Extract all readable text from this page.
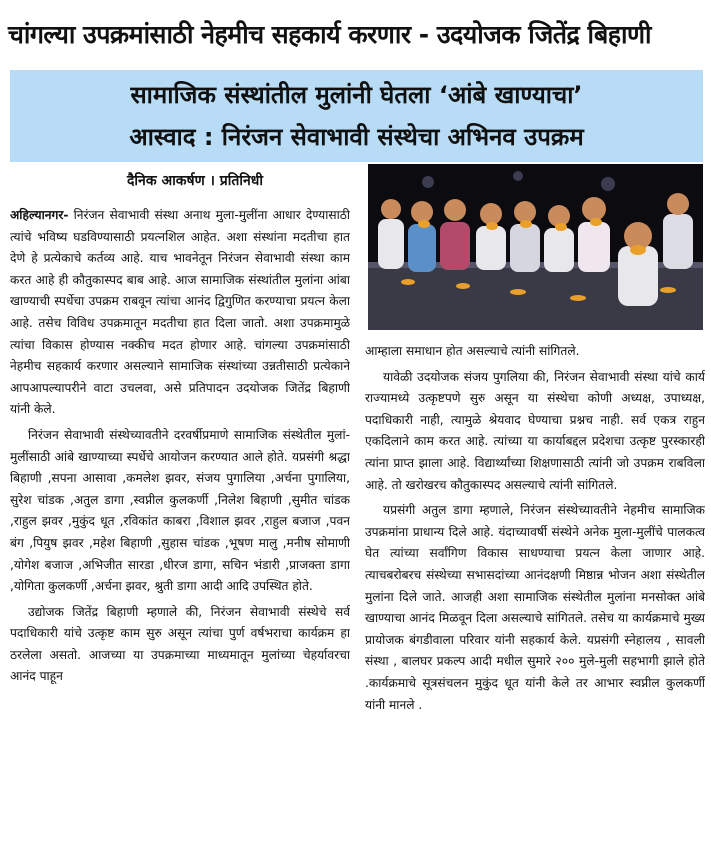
चांगल्या उपक्रमांसाठी नेहमीच सहकार्य करणार - उदयोजक जितेंद्र बिहाणी
सामाजिक संस्थांतील मुलांनी घेतला ‘आंबे खाण्याचा’
आस्वाद : निरंजन सेवाभावी संस्थेचा अभिनव उपक्रम
दैनिक आकर्षण । प्रतिनिधी

अहिल्यानगर- निरंजन सेवाभावी संस्था अनाथ मुला-मुलींना आधार देण्यासाठी त्यांचे भविष्य घडविण्यासाठी प्रयत्नशिल आहेत. अशा संस्थांना मदतीचा हात देणे हे प्रत्येकाचे कर्तव्य आहे. याच भावनेतून निरंजन सेवाभावी संस्था काम करत आहे ही कौतुकास्पद बाब आहे. आज सामाजिक संस्थांतील मुलांना आंबा खाण्याची स्पर्धेचा उपक्रम राबवून त्यांचा आनंद द्विगुणित करण्याचा प्रयत्न केला आहे. तसेच विविध उपक्रमातून मदतीचा हात दिला जातो. अशा उपक्रमामुळे त्यांचा विकास होण्यास नक्कीच मदत होणार आहे. चांगल्या उपक्रमांसाठी नेहमीच सहकार्य करणार असल्याने सामाजिक संस्थांच्या उन्नतीसाठी प्रत्येकाने आपआपल्यापरीने वाटा उचलवा, असे प्रतिपादन उदयोजक जितेंद्र बिहाणी यांनी केले.

निरंजन सेवाभावी संस्थेच्यावतीने दरवर्षीप्रमाणे सामाजिक संस्थेतील मुलां-मुलींसाठी आंबे खाण्याच्या स्पर्धेचे आयोजन करण्यात आले होते. यप्रसंगी श्रद्धा बिहाणी ,सपना आसावा ,कमलेश झवर, संजय पुगालिया ,अर्चना पुगालिया, सुरेश चांडक ,अतुल डागा ,स्वप्नील कुलकर्णी ,निलेश बिहाणी ,सुमीत चांडक ,राहुल झवर ,मुकुंद धूत ,रविकांत काबरा ,विशाल झवर ,राहुल बजाज ,पवन बंग ,पियुष झवर ,महेश बिहाणी ,सुहास चांडक ,भूषण मालु ,मनीष सोमाणी ,योगेश बजाज ,अभिजीत सारडा ,धीरज डागा, सचिन भंडारी ,प्राजक्ता डागा ,योगिता कुलकर्णी ,अर्चना झवर, श्रुती डागा आदी आदि उपस्थित होते.

उद्योजक जितेंद्र बिहाणी म्हणाले की, निरंजन सेवाभावी संस्थेचे सर्व पदाधिकारी यांचे उत्कृष्ट काम सुरु असून त्यांचा पुर्ण वर्षभराचा कार्यक्रम हा ठरलेला असतो. आजच्या या उपक्रमाच्या माध्यमातून मुलांच्या चेहर्यावरचा आनंद पाहून

आम्हाला समाधान होत असल्याचे त्यांनी सांगितले.

यावेळी उदयोजक संजय पुगलिया की, निरंजन सेवाभावी संस्था यांचे कार्य राज्यामध्ये उत्कृष्टपणे सुरु असून या संस्थेचा कोणी अध्यक्ष, उपाध्यक्ष, पदाधिकारी नाही, त्यामुळे श्रेयवाद घेण्याचा प्रश्नच नाही. सर्व एकत्र राहुन एकदिलाने काम करत आहे. त्यांच्या या कार्याबद्दल प्रदेशचा उत्कृष्ट पुरस्कारही त्यांना प्राप्त झाला आहे. विद्यार्थ्यांच्या शिक्षणासाठी त्यांनी जो उपक्रम राबविला आहे. तो खरोखरच कौतुकास्पद असल्याचे त्यांनी सांगितले.

यप्रसंगी अतुल डागा म्हणाले, निरंजन संस्थेच्यावतीने नेहमीच सामाजिक उपक्रमांना प्राधान्य दिले आहे. यंदाच्यावर्षी संस्थेने अनेक मुला-मुलींचे पालकत्व घेत त्यांच्या सर्वांगिण विकास साधण्याचा प्रयत्न केला जाणार आहे. त्याचबरोबरच संस्थेच्या सभासदांच्या आनंदक्षणी मिष्ठान्न भोजन अशा संस्थेतील मुलांना दिले जाते. आजही अशा सामाजिक संस्थेतील मुलांना मनसोक्त आंबे खाण्याचा आनंद मिळवून दिला असल्याचे सांगितले. तसेच या कार्यक्रमाचे मुख्य प्रायोजक बंगडीवाला परिवार यांनी सहकार्य केले. यप्रसंगी स्नेहालय , सावली संस्था , बालघर प्रकल्प आदी मधील सुमारे २०० मुले-मुली सहभागी झाले होते .कार्यक्रमाचे सूत्रसंचलन मुकुंद धूत यांनी केले तर आभार स्वप्नील कुलकर्णी यांनी मानले .
